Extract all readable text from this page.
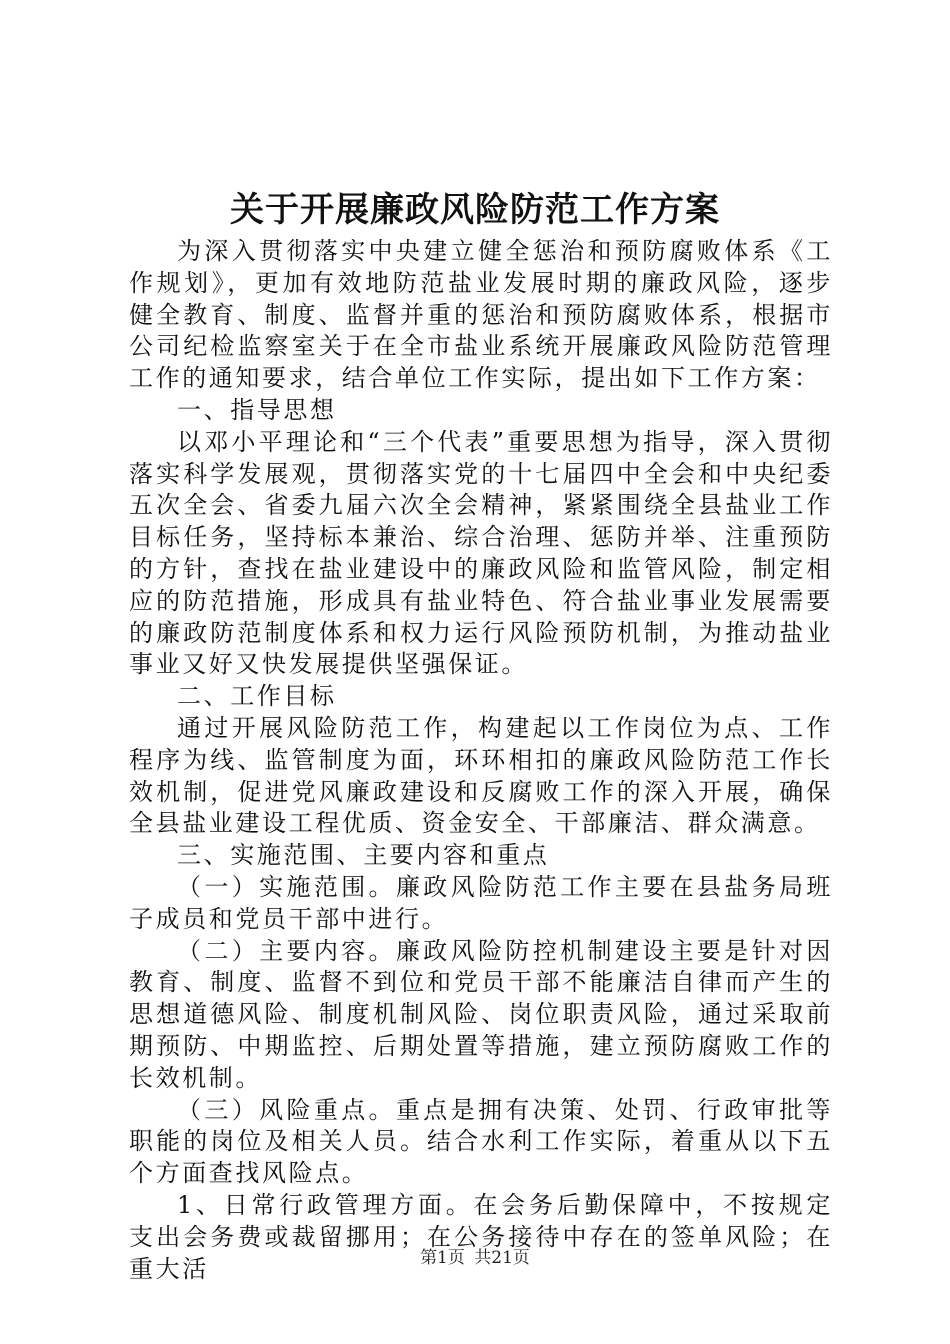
关于开展廉政风险防范工作方案

为深入贯彻落实中央建立健全惩治和预防腐败体系《工作规划》，更加有效地防范盐业发展时期的廉政风险，逐步健全教育、制度、监督并重的惩治和预防腐败体系，根据市公司纪检监察室关于在全市盐业系统开展廉政风险防范管理工作的通知要求，结合单位工作实际，提出如下工作方案：

一、指导思想

以邓小平理论和“三个代表”重要思想为指导，深入贯彻落实科学发展观，贯彻落实党的十七届四中全会和中央纪委五次全会、省委九届六次全会精神，紧紧围绕全县盐业工作目标任务，坚持标本兼治、综合治理、惩防并举、注重预防的方针，查找在盐业建设中的廉政风险和监管风险，制定相应的防范措施，形成具有盐业特色、符合盐业事业发展需要的廉政防范制度体系和权力运行风险预防机制，为推动盐业事业又好又快发展提供坚强保证。

二、工作目标

通过开展风险防范工作，构建起以工作岗位为点、工作程序为线、监管制度为面，环环相扣的廉政风险防范工作长效机制，促进党风廉政建设和反腐败工作的深入开展，确保全县盐业建设工程优质、资金安全、干部廉洁、群众满意。

三、实施范围、主要内容和重点

（一）实施范围。廉政风险防范工作主要在县盐务局班子成员和党员干部中进行。

（二）主要内容。廉政风险防控机制建设主要是针对因教育、制度、监督不到位和党员干部不能廉洁自律而产生的思想道德风险、制度机制风险、岗位职责风险，通过采取前期预防、中期监控、后期处置等措施，建立预防腐败工作的长效机制。

（三）风险重点。重点是拥有决策、处罚、行政审批等职能的岗位及相关人员。结合水利工作实际，着重从以下五个方面查找风险点。

1、日常行政管理方面。在会务后勤保障中，不按规定支出会务费或裁留挪用；在公务接待中存在的签单风险；在重大活	第1页 共21页
